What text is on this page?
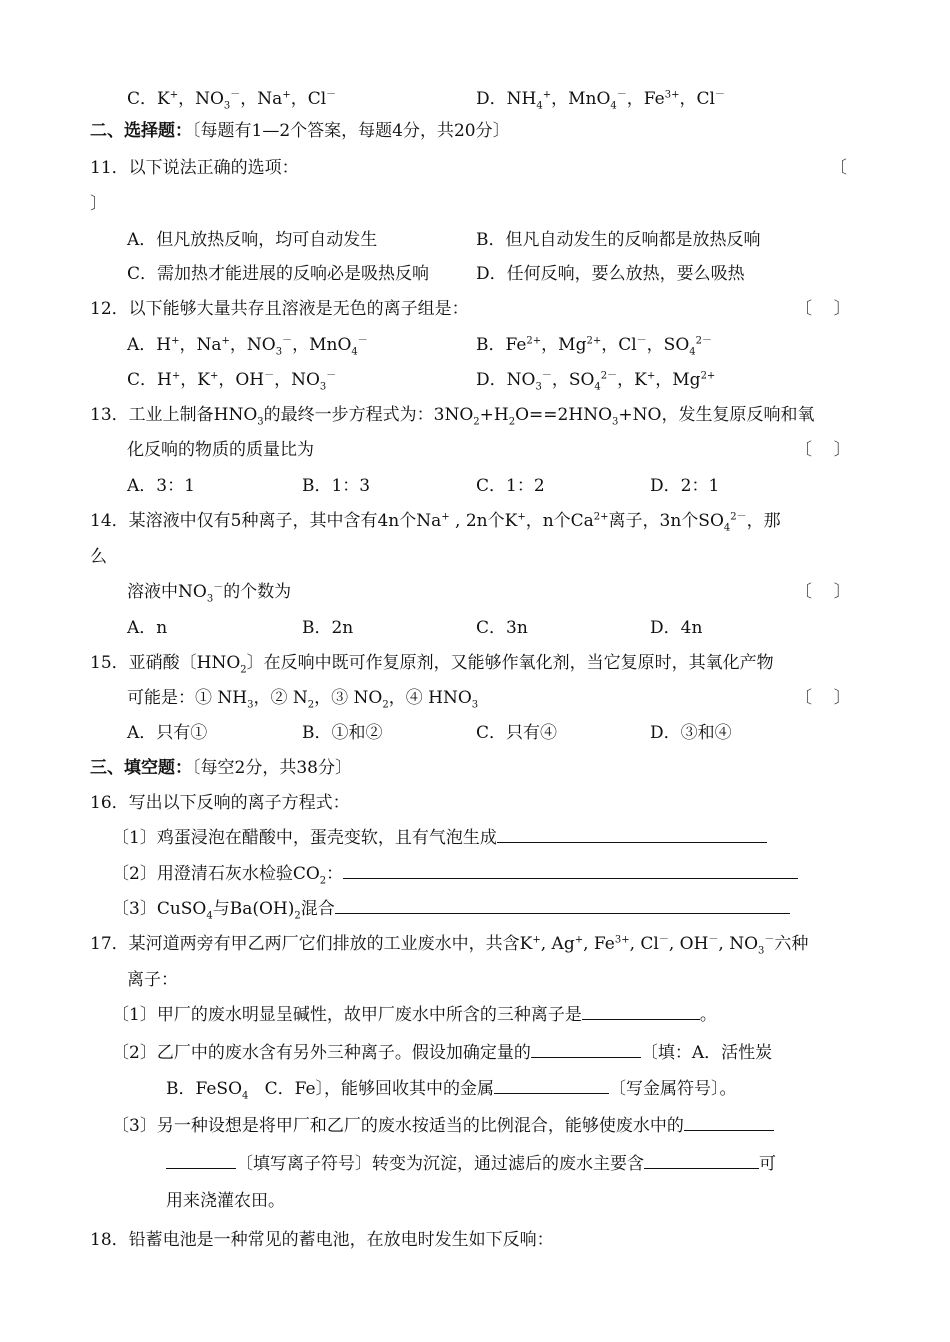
C．K+，$NO_3^-$，Na+，Cl－	D．$NH_4^+$，MnO$_4$－，$Fe^{3+}$，Cl－
二、选择题：〔每题有1—2个答案，每题4分，共20分〕
11．以下说法正确的选项：	〔
〕
A．但凡放热反响，均可自动发生	B．但凡自动发生的反响都是放热反响
C．需加热才能进展的反响必是吸热反响	D．任何反响，要么放热，要么吸热
12．以下能够大量共存且溶液是无色的离子组是：	〔    〕
A．H+，Na+，$NO_3^-$，MnO$_4$－	B．$Fe^{2+}$，$Mg^{2+}$，Cl－，$SO_4^{2-}$
C．H+，K+，OH－，$NO_3^-$	D．$NO_3^-$，$SO_4^{2-}$，K+，$Mg^{2+}$
13．工业上制备$HNO_3$的最终一步方程式为：$3NO_2+H_2O==2HNO_3+NO$，发生复原反响和氧
化反响的物质的质量比为	〔    〕
A．3：1	B．1：3	C．1：2	D．2：1
14．某溶液中仅有5种离子，其中含有4n个Na+ , 2n个K+，n个$Ca^{2+}$离子，3n个$SO_4^{2-}$，那
么
溶液中$NO_3^-$的个数为	〔    〕
A．n	B．2n	C．3n	D．4n
15．亚硝酸〔$HNO_2$〕在反响中既可作复原剂，又能够作氧化剂，当它复原时，其氧化产物
可能是：① $NH_3$，② $N_2$，③ $NO_2$，④ $HNO_3$	〔    〕
A．只有①	B．①和②	C．只有④	D．③和④
三、填空题：〔每空2分，共38分〕
16．写出以下反响的离子方程式：
〔1〕鸡蛋浸泡在醋酸中，蛋壳变软，且有气泡生成
〔2〕用澄清石灰水检验$CO_2$：
〔3〕CuSO$_4$与$Ba(OH)_2$混合
17．某河道两旁有甲乙两厂它们排放的工业废水中，共含K+, Ag+, $Fe^{3+}$, Cl－, OH－, $NO_3^-$六种
离子：
〔1〕甲厂的废水明显呈碱性，故甲厂废水中所含的三种离子是	。
〔2〕乙厂中的废水含有另外三种离子。假设加确定量的	〔填：A．活性炭
B．FeSO$_4$   C．Fe〕，能够回收其中的金属	〔写金属符号〕。
〔3〕另一种设想是将甲厂和乙厂的废水按适当的比例混合，能够使废水中的
〔填写离子符号〕转变为沉淀，通过滤后的废水主要含	可
用来浇灌农田。
18．铅蓄电池是一种常见的蓄电池，在放电时发生如下反响：
